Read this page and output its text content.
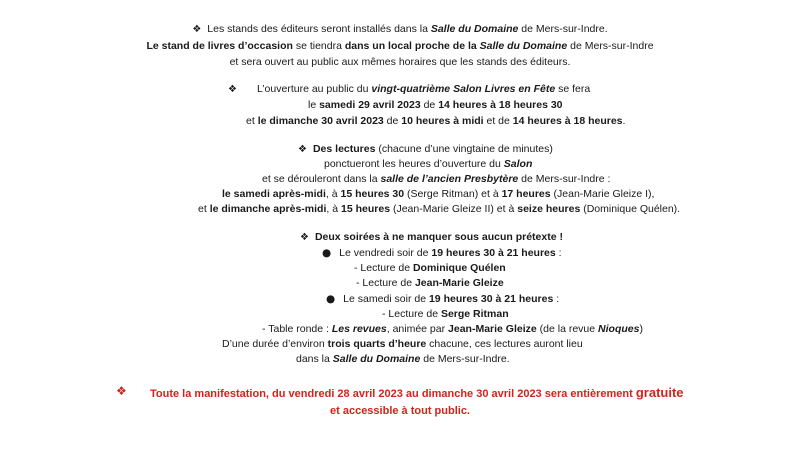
❖ Les stands des éditeurs seront installés dans la Salle du Domaine de Mers-sur-Indre.
Le stand de livres d’occasion se tiendra dans un local proche de la Salle du Domaine de Mers-sur-Indre
et sera ouvert au public aux mêmes horaires que les stands des éditeurs.
❖ L’ouverture au public du vingt-quatrième Salon Livres en Fête se fera
le samedi 29 avril 2023 de 14 heures à 18 heures 30
et le dimanche 30 avril 2023 de 10 heures à midi et de 14 heures à 18 heures.
❖ Des lectures (chacune d’une vingtaine de minutes)
ponctueront les heures d’ouverture du Salon
et se dérouleront dans la salle de l’ancien Presbytère de Mers-sur-Indre :
le samedi après-midi, à 15 heures 30 (Serge Ritman) et à 17 heures (Jean-Marie Gleize I),
et le dimanche après-midi, à 15 heures (Jean-Marie Gleize II) et à seize heures (Dominique Quélen).
❖ Deux soirées à ne manquer sous aucun prétexte !
● Le vendredi soir de 19 heures 30 à 21 heures :
- Lecture de Dominique Quélen
- Lecture de Jean-Marie Gleize
● Le samedi soir de 19 heures 30 à 21 heures :
- Lecture de Serge Ritman
- Table ronde : Les revues, animée par Jean-Marie Gleize (de la revue Nioques)
D’une durée d’environ trois quarts d’heure chacune, ces lectures auront lieu
dans la Salle du Domaine de Mers-sur-Indre.
❖	Toute la manifestation, du vendredi 28 avril 2023 au dimanche 30 avril 2023 sera entièrement gratuite
et accessible à tout public.
